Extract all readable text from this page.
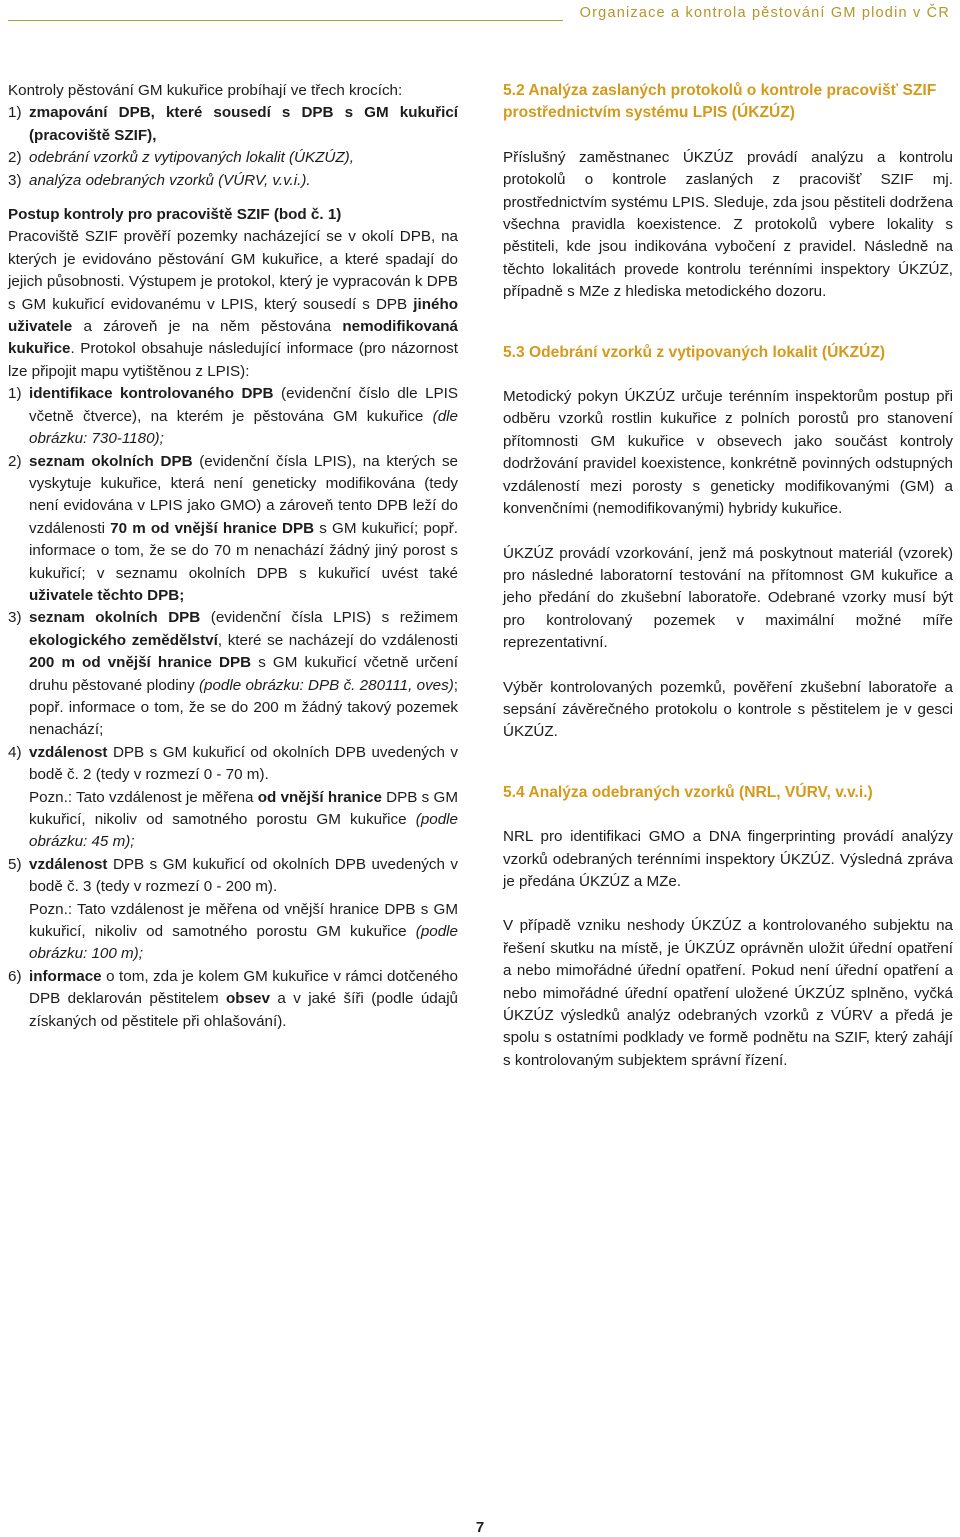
Organizace a kontrola pěstování GM plodin v ČR

Kontroly pěstování GM kukuřice probíhají ve třech krocích:

1) zmapování DPB, které sousedí s DPB s GM kukuřicí (pracoviště SZIF),
2) odebrání vzorků z vytipovaných lokalit (ÚKZÚZ),
3) analýza odebraných vzorků (VÚRV, v.v.i.).
Postup kontroly pro pracoviště SZIF (bod č. 1)

Pracoviště SZIF prověří pozemky nacházející se v okolí DPB, na kterých je evidováno pěstování GM kukuřice, a které spadají do jejich působnosti. Výstupem je protokol, který je vypracován k DPB s GM kukuřicí evidovanému v LPIS, který sousedí s DPB jiného uživatele a zároveň je na něm pěstována nemodifikovaná kukuřice. Protokol obsahuje následující informace (pro názornost lze připojit mapu vytištěnou z LPIS):

1) identifikace kontrolovaného DPB (evidenční číslo dle LPIS včetně čtverce), na kterém je pěstována GM kukuřice (dle obrázku: 730-1180);
2) seznam okolních DPB (evidenční čísla LPIS), na kterých se vyskytuje kukuřice, která není geneticky modifikována (tedy není evidována v LPIS jako GMO) a zároveň tento DPB leží do vzdálenosti 70 m od vnější hranice DPB s GM kukuřicí; popř. informace o tom, že se do 70 m nenachází žádný jiný porost s kukuřicí; v seznamu okolních DPB s kukuřicí uvést také uživatele těchto DPB;
3) seznam okolních DPB (evidenční čísla LPIS) s režimem ekologického zemědělství, které se nacházejí do vzdálenosti 200 m od vnější hranice DPB s GM kukuřicí včetně určení druhu pěstované plodiny (podle obrázku: DPB č. 280111, oves); popř. informace o tom, že se do 200 m žádný takový pozemek nenachází;
4) vzdálenost DPB s GM kukuřicí od okolních DPB uvedených v bodě č. 2 (tedy v rozmezí 0 - 70 m).
Pozn.: Tato vzdálenost je měřena od vnější hranice DPB s GM kukuřicí, nikoliv od samotného porostu GM kukuřice (podle obrázku: 45 m);
5) vzdálenost DPB s GM kukuřicí od okolních DPB uvedených v bodě č. 3 (tedy v rozmezí 0 - 200 m).
Pozn.: Tato vzdálenost je měřena od vnější hranice DPB s GM kukuřicí, nikoliv od samotného porostu GM kukuřice (podle obrázku: 100 m);
6) informace o tom, zda je kolem GM kukuřice v rámci dotčeného DPB deklarován pěstitelem obsev a v jaké šíři (podle údajů získaných od pěstitele při ohlašování).
5.2 Analýza zaslaných protokolů o kontrole pracovišť SZIF prostřednictvím systému LPIS (ÚKZÚZ)

Příslušný zaměstnanec ÚKZÚZ provádí analýzu a kontrolu protokolů o kontrole zaslaných z pracovišť SZIF mj. prostřednictvím systému LPIS. Sleduje, zda jsou pěstiteli dodržena všechna pravidla koexistence. Z protokolů vybere lokality s pěstiteli, kde jsou indikována vybočení z pravidel. Následně na těchto lokalitách provede kontrolu terénními inspektory ÚKZÚZ, případně s MZe z hlediska metodického dozoru.

5.3 Odebrání vzorků z vytipovaných lokalit (ÚKZÚZ)

Metodický pokyn ÚKZÚZ určuje terénním inspektorům postup při odběru vzorků rostlin kukuřice z polních porostů pro stanovení přítomnosti GM kukuřice v obsevech jako součást kontroly dodržování pravidel koexistence, konkrétně povinných odstupných vzdáleností mezi porosty s geneticky modifikovanými (GM) a konvenčními (nemodifikovanými) hybridy kukuřice.

ÚKZÚZ provádí vzorkování, jenž má poskytnout materiál (vzorek) pro následné laboratorní testování na přítomnost GM kukuřice a jeho předání do zkušební laboratoře. Odebrané vzorky musí být pro kontrolovaný pozemek v maximální možné míře reprezentativní.

Výběr kontrolovaných pozemků, pověření zkušební laboratoře a sepsání závěrečného protokolu o kontrole s pěstitelem je v gesci ÚKZÚZ.

5.4 Analýza odebraných vzorků (NRL, VÚRV, v.v.i.)

NRL pro identifikaci GMO a DNA fingerprinting provádí analýzy vzorků odebraných terénními inspektory ÚKZÚZ. Výsledná zpráva je předána ÚKZÚZ a MZe.

V případě vzniku neshody ÚKZÚZ a kontrolovaného subjektu na řešení skutku na místě, je ÚKZÚZ oprávněn uložit úřední opatření a nebo mimořádné úřední opatření. Pokud není úřední opatření a nebo mimořádné úřední opatření uložené ÚKZÚZ splněno, vyčká ÚKZÚZ výsledků analýz odebraných vzorků z VÚRV a předá je spolu s ostatními podklady ve formě podnětu na SZIF, který zahájí s kontrolovaným subjektem správní řízení.

7
